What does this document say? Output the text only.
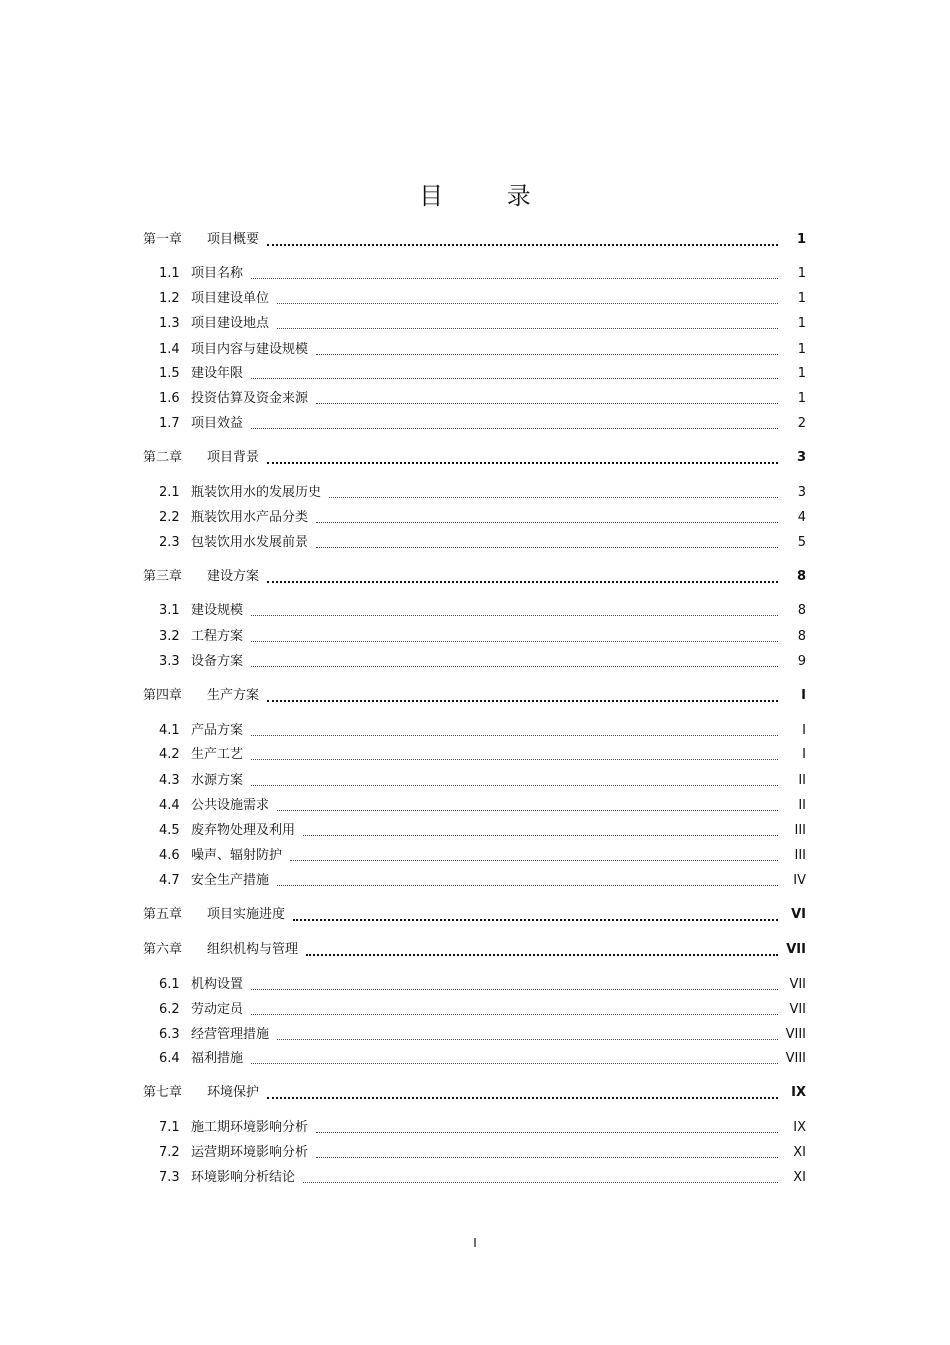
目 录
第一章	项目概要	1
1.1 项目名称	1
1.2 项目建设单位	1
1.3 项目建设地点	1
1.4 项目内容与建设规模	1
1.5 建设年限	1
1.6 投资估算及资金来源	1
1.7 项目效益	2
第二章	项目背景	3
2.1 瓶装饮用水的发展历史	3
2.2 瓶装饮用水产品分类	4
2.3 包装饮用水发展前景	5
第三章	建设方案	8
3.1 建设规模	8
3.2 工程方案	8
3.3 设备方案	9
第四章	生产方案	I
4.1 产品方案	I
4.2 生产工艺	I
4.3 水源方案	II
4.4 公共设施需求	II
4.5 废弃物处理及利用	III
4.6 噪声、辐射防护	III
4.7 安全生产措施	IV
第五章	项目实施进度	VI
第六章	组织机构与管理	VII
6.1 机构设置	VII
6.2 劳动定员	VII
6.3 经营管理措施	VIII
6.4 福利措施	VIII
第七章	环境保护	IX
7.1 施工期环境影响分析	IX
7.2 运营期环境影响分析	XI
7.3 环境影响分析结论	XI
I
